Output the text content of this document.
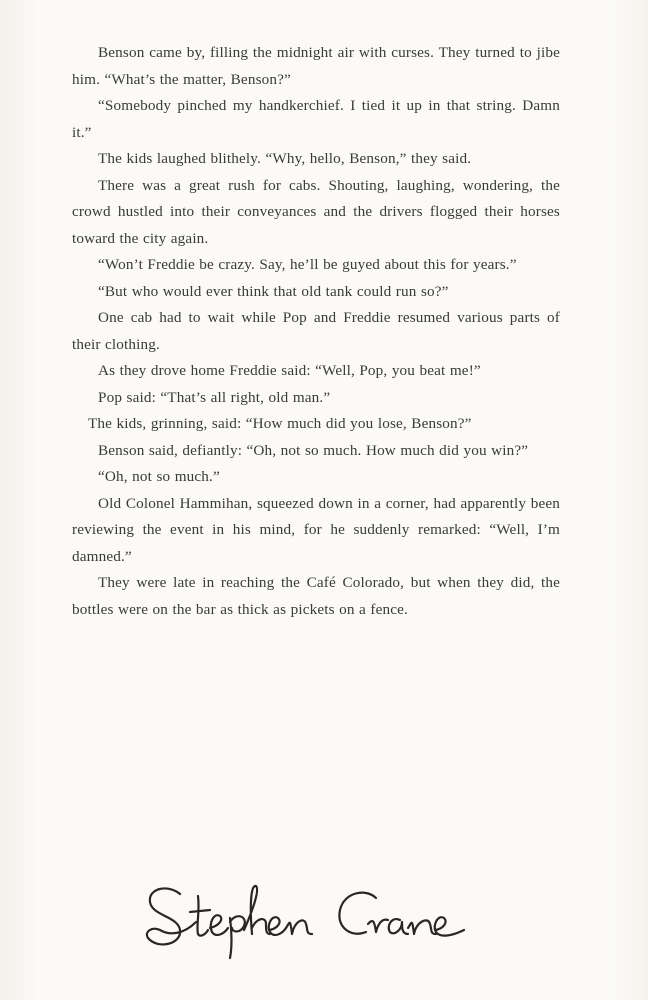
Benson came by, filling the midnight air with curses. They turned to jibe him. “What’s the matter, Benson?”

“Somebody pinched my handkerchief. I tied it up in that string. Damn it.”

The kids laughed blithely. “Why, hello, Benson,” they said.

There was a great rush for cabs. Shouting, laughing, wondering, the crowd hustled into their conveyances and the drivers flogged their horses toward the city again.

“Won’t Freddie be crazy. Say, he’ll be guyed about this for years.”

“But who would ever think that old tank could run so?”

One cab had to wait while Pop and Freddie resumed various parts of their clothing.

As they drove home Freddie said: “Well, Pop, you beat me!”

Pop said: “That’s all right, old man.”

The kids, grinning, said: “How much did you lose, Benson?”

Benson said, defiantly: “Oh, not so much. How much did you win?”

“Oh, not so much.”

Old Colonel Hammihan, squeezed down in a corner, had apparently been reviewing the event in his mind, for he suddenly remarked: “Well, I’m damned.”

They were late in reaching the Café Colorado, but when they did, the bottles were on the bar as thick as pickets on a fence.
